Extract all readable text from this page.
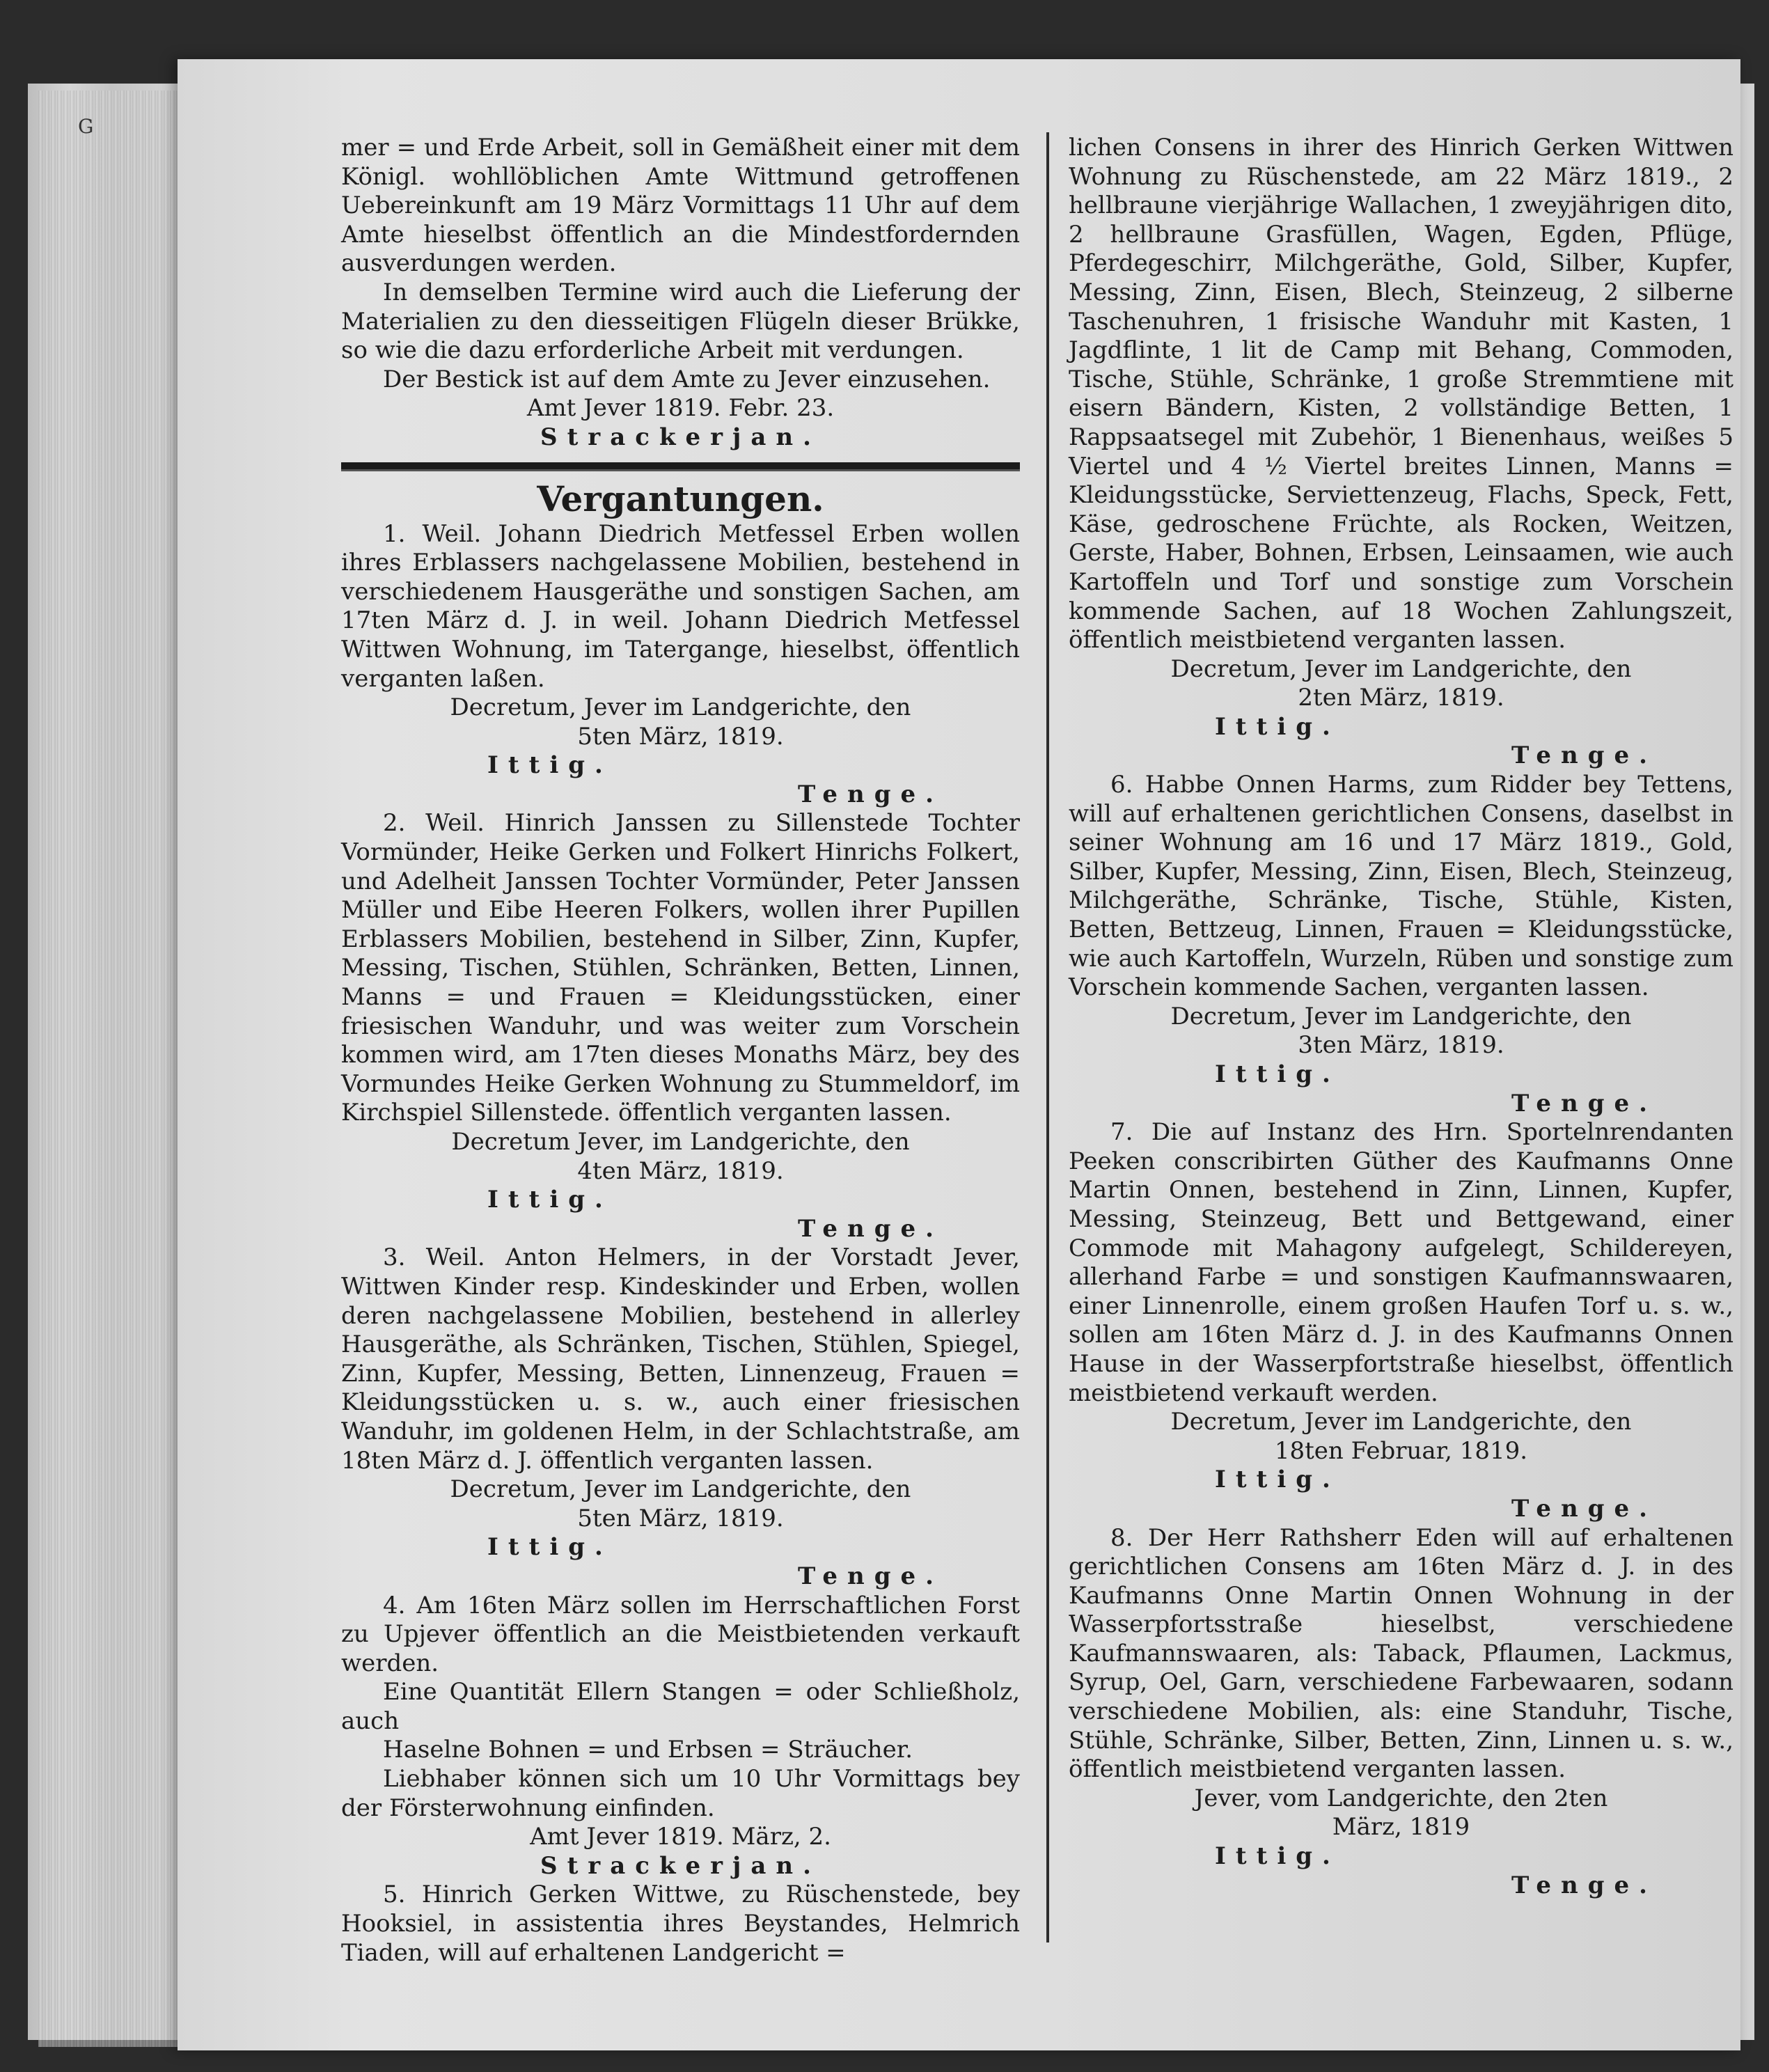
G

mer = und Erde Arbeit, soll in Gemäßheit einer mit dem Königl. wohllöblichen Amte Wittmund getroffenen Uebereinkunft am 19 März Vormittags 11 Uhr auf dem Amte hieselbst öffentlich an die Mindestfordernden ausverdungen werden.

In demselben Termine wird auch die Lieferung der Materialien zu den diesseitigen Flügeln dieser Brükke, so wie die dazu erforderliche Arbeit mit verdungen.

Der Bestick ist auf dem Amte zu Jever einzusehen.

Amt Jever 1819. Febr. 23.

Strackerjan.

Vergantungen.

1. Weil. Johann Diedrich Metfessel Erben wollen ihres Erblassers nachgelassene Mobilien, bestehend in verschiedenem Hausgeräthe und sonstigen Sachen, am 17ten März d. J. in weil. Johann Diedrich Metfessel Wittwen Wohnung, im Tatergange, hieselbst, öffentlich verganten laßen.

Decretum, Jever im Landgerichte, den

5ten März, 1819.

Ittig.

Tenge.

2. Weil. Hinrich Janssen zu Sillenstede Tochter Vormünder, Heike Gerken und Folkert Hinrichs Folkert, und Adelheit Janssen Tochter Vormünder, Peter Janssen Müller und Eibe Heeren Folkers, wollen ihrer Pupillen Erblassers Mobilien, bestehend in Silber, Zinn, Kupfer, Messing, Tischen, Stühlen, Schränken, Betten, Linnen, Manns = und Frauen = Kleidungsstücken, einer friesischen Wanduhr, und was weiter zum Vorschein kommen wird, am 17ten dieses Monaths März, bey des Vormundes Heike Gerken Wohnung zu Stummeldorf, im Kirchspiel Sillenstede. öffentlich verganten lassen.

Decretum Jever, im Landgerichte, den

4ten März, 1819.

Ittig.

Tenge.

3. Weil. Anton Helmers, in der Vorstadt Jever, Wittwen Kinder resp. Kindeskinder und Erben, wollen deren nachgelassene Mobilien, bestehend in allerley Hausgeräthe, als Schränken, Tischen, Stühlen, Spiegel, Zinn, Kupfer, Messing, Betten, Linnenzeug, Frauen = Kleidungsstücken u. s. w., auch einer friesischen Wanduhr, im goldenen Helm, in der Schlachtstraße, am 18ten März d. J. öffentlich verganten lassen.

Decretum, Jever im Landgerichte, den

5ten März, 1819.

Ittig.

Tenge.

4. Am 16ten März sollen im Herrschaftlichen Forst zu Upjever öffentlich an die Meistbietenden verkauft werden.

Eine Quantität Ellern Stangen = oder Schließholz, auch

Haselne Bohnen = und Erbsen = Sträucher.

Liebhaber können sich um 10 Uhr Vormittags bey der Försterwohnung einfinden.

Amt Jever 1819. März, 2.

Strackerjan.

5. Hinrich Gerken Wittwe, zu Rüschenstede, bey Hooksiel, in assistentia ihres Beystandes, Helmrich Tiaden, will auf erhaltenen Landgericht =

lichen Consens in ihrer des Hinrich Gerken Wittwen Wohnung zu Rüschenstede, am 22 März 1819., 2 hellbraune vierjährige Wallachen, 1 zweyjährigen dito, 2 hellbraune Grasfüllen, Wagen, Egden, Pflüge, Pferdegeschirr, Milchgeräthe, Gold, Silber, Kupfer, Messing, Zinn, Eisen, Blech, Steinzeug, 2 silberne Taschenuhren, 1 frisische Wanduhr mit Kasten, 1 Jagdflinte, 1 lit de Camp mit Behang, Commoden, Tische, Stühle, Schränke, 1 große Stremmtiene mit eisern Bändern, Kisten, 2 vollständige Betten, 1 Rappsaatsegel mit Zubehör, 1 Bienenhaus, weißes 5 Viertel und 4 ½ Viertel breites Linnen, Manns = Kleidungsstücke, Serviettenzeug, Flachs, Speck, Fett, Käse, gedroschene Früchte, als Rocken, Weitzen, Gerste, Haber, Bohnen, Erbsen, Leinsaamen, wie auch Kartoffeln und Torf und sonstige zum Vorschein kommende Sachen, auf 18 Wochen Zahlungszeit, öffentlich meistbietend verganten lassen.

Decretum, Jever im Landgerichte, den

2ten März, 1819.

Ittig.

Tenge.

6. Habbe Onnen Harms, zum Ridder bey Tettens, will auf erhaltenen gerichtlichen Consens, daselbst in seiner Wohnung am 16 und 17 März 1819., Gold, Silber, Kupfer, Messing, Zinn, Eisen, Blech, Steinzeug, Milchgeräthe, Schränke, Tische, Stühle, Kisten, Betten, Bettzeug, Linnen, Frauen = Kleidungsstücke, wie auch Kartoffeln, Wurzeln, Rüben und sonstige zum Vorschein kommende Sachen, verganten lassen.

Decretum, Jever im Landgerichte, den

3ten März, 1819.

Ittig.

Tenge.

7. Die auf Instanz des Hrn. Sportelnrendanten Peeken conscribirten Güther des Kaufmanns Onne Martin Onnen, bestehend in Zinn, Linnen, Kupfer, Messing, Steinzeug, Bett und Bettgewand, einer Commode mit Mahagony aufgelegt, Schildereyen, allerhand Farbe = und sonstigen Kaufmannswaaren, einer Linnenrolle, einem großen Haufen Torf u. s. w., sollen am 16ten März d. J. in des Kaufmanns Onnen Hause in der Wasserpfortstraße hieselbst, öffentlich meistbietend verkauft werden.

Decretum, Jever im Landgerichte, den

18ten Februar, 1819.

Ittig.

Tenge.

8. Der Herr Rathsherr Eden will auf erhaltenen gerichtlichen Consens am 16ten März d. J. in des Kaufmanns Onne Martin Onnen Wohnung in der Wasserpfortsstraße hieselbst, verschiedene Kaufmannswaaren, als: Taback, Pflaumen, Lackmus, Syrup, Oel, Garn, verschiedene Farbewaaren, sodann verschiedene Mobilien, als: eine Standuhr, Tische, Stühle, Schränke, Silber, Betten, Zinn, Linnen u. s. w., öffentlich meistbietend verganten lassen.

Jever, vom Landgerichte, den 2ten

März, 1819

Ittig.

Tenge.
